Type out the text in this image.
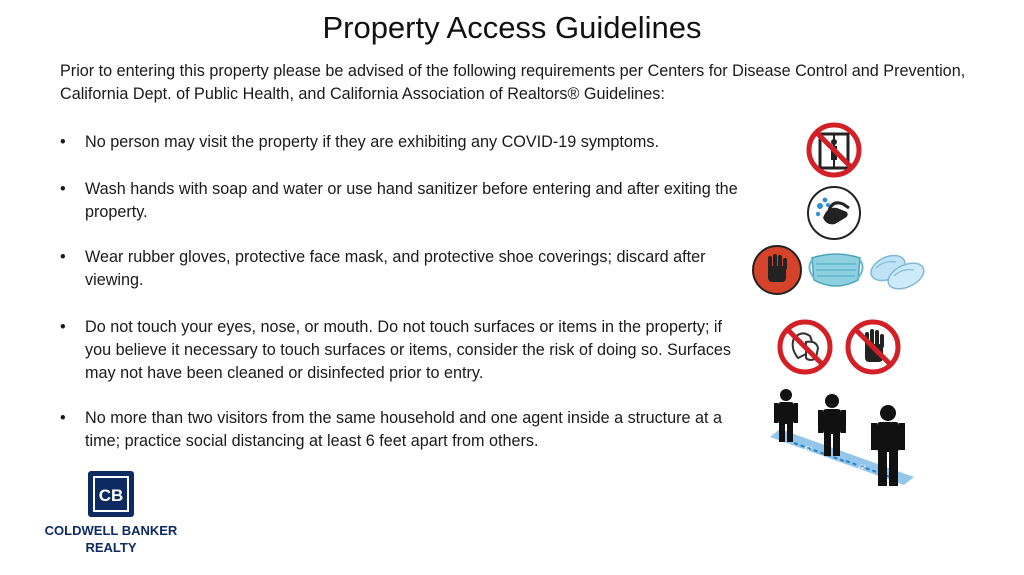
Property Access Guidelines
Prior to entering this property please be advised of the following requirements per Centers for Disease Control and Prevention, California Dept. of Public Health, and California Association of Realtors® Guidelines:
• No person may visit the property if they are exhibiting any COVID-19 symptoms.
• Wash hands with soap and water or use hand sanitizer before entering and after exiting the property.
• Wear rubber gloves, protective face mask, and protective shoe coverings; discard after viewing.
• Do not touch your eyes, nose, or mouth. Do not touch surfaces or items in the property; if you believe it necessary to touch surfaces or items, consider the risk of doing so. Surfaces may not have been cleaned or disinfected prior to entry.
• No more than two visitors from the same household and one agent inside a structure at a time; practice social distancing at least 6 feet apart from others.
6'
6'
CB
COLDWELL BANKER
REALTY
